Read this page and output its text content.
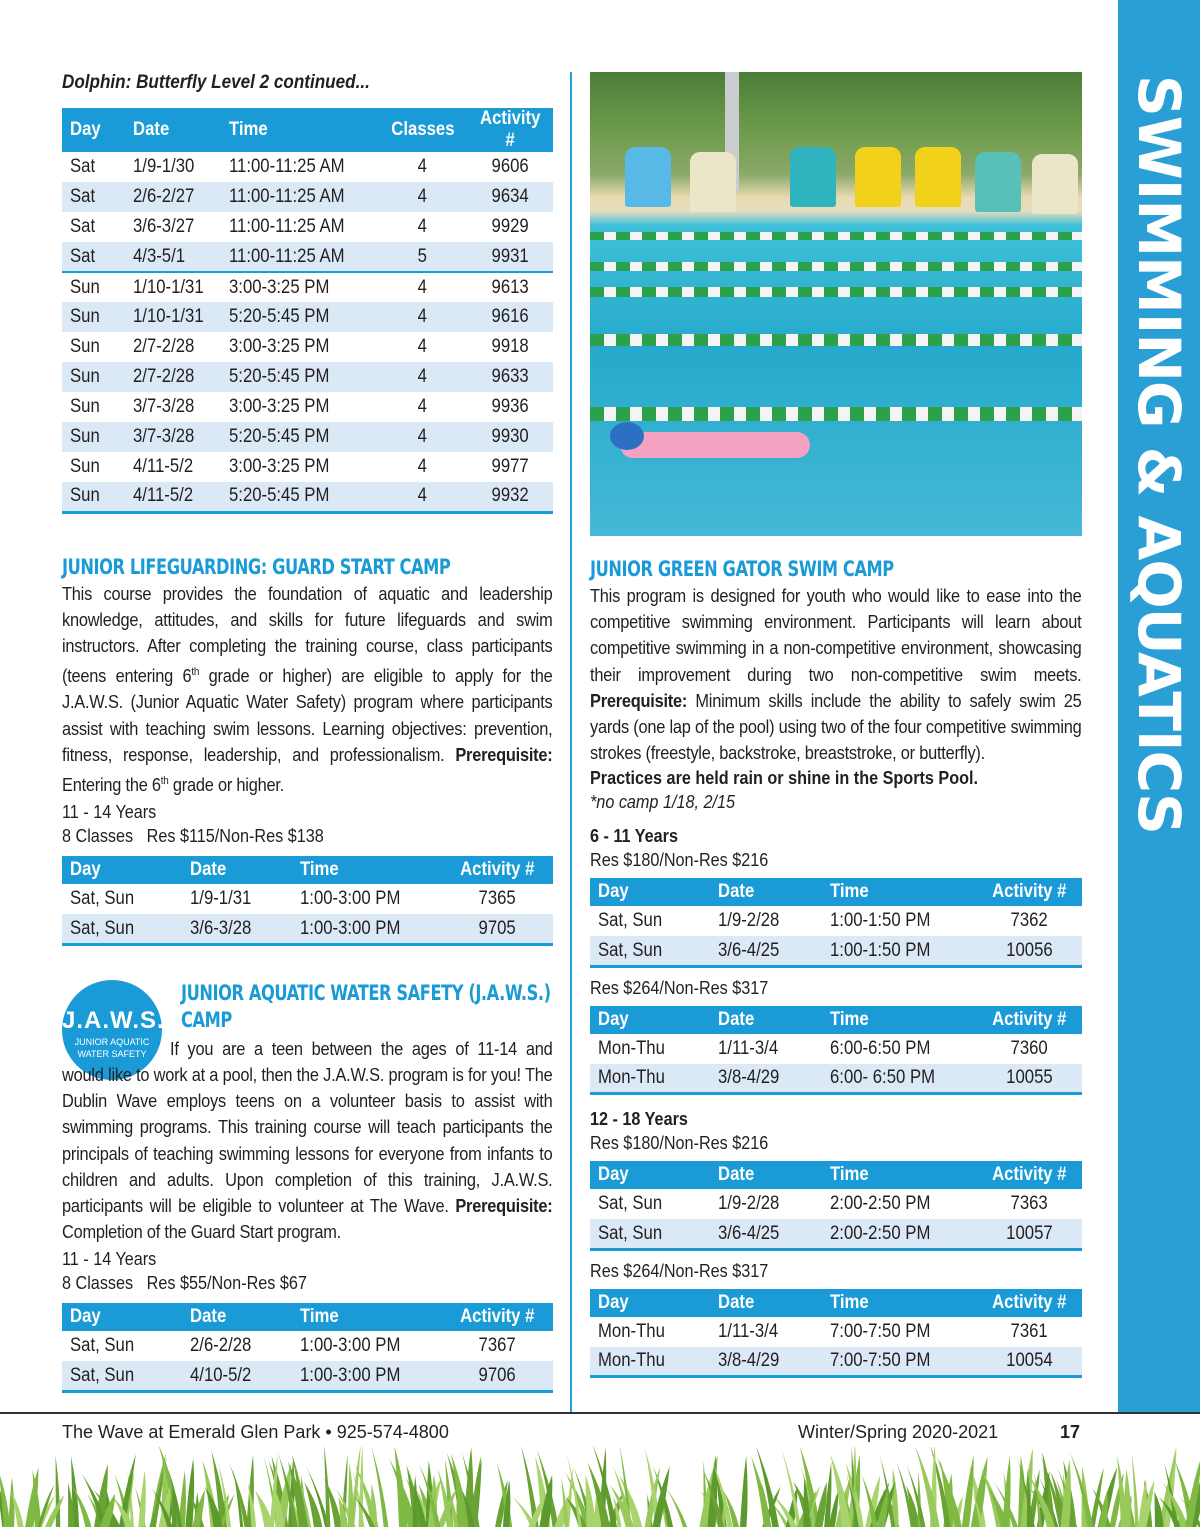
SWIMMING & AQUATICS
Dolphin: Butterfly Level 2 continued...
Day	Date	Time	Classes	Activity #
Sat	1/9-1/30	11:00-11:25 AM	4	9606
Sat	2/6-2/27	11:00-11:25 AM	4	9634
Sat	3/6-3/27	11:00-11:25 AM	4	9929
Sat	4/3-5/1	11:00-11:25 AM	5	9931
Sun	1/10-1/31	3:00-3:25 PM	4	9613
Sun	1/10-1/31	5:20-5:45 PM	4	9616
Sun	2/7-2/28	3:00-3:25 PM	4	9918
Sun	2/7-2/28	5:20-5:45 PM	4	9633
Sun	3/7-3/28	3:00-3:25 PM	4	9936
Sun	3/7-3/28	5:20-5:45 PM	4	9930
Sun	4/11-5/2	3:00-3:25 PM	4	9977
Sun	4/11-5/2	5:20-5:45 PM	4	9932
JUNIOR LIFEGUARDING: GUARD START CAMP

This course provides the foundation of aquatic and leadership knowledge, attitudes, and skills for future lifeguards and swim instructors. After completing the training course, class participants (teens entering 6th grade or higher) are eligible to apply for the J.A.W.S. (Junior Aquatic Water Safety) program where participants assist with teaching swim lessons. Learning objectives: prevention, fitness, response, leadership, and professionalism. Prerequisite: Entering the 6th grade or higher.

11 - 14 Years
8 Classes   Res $115/Non-Res $138
Day	Date	Time	Activity #
Sat, Sun	1/9-1/31	1:00-3:00 PM	7365
Sat, Sun	3/6-3/28	1:00-3:00 PM	9705
J.A.W.S.
JUNIOR AQUATIC
WATER SAFETY
JUNIOR AQUATIC WATER SAFETY (J.A.W.S.)
CAMP

If you are a teen between the ages of 11-14 and would like to work at a pool, then the J.A.W.S. program is for you! The Dublin Wave employs teens on a volunteer basis to assist with swimming programs. This training course will teach participants the principals of teaching swimming lessons for everyone from infants to children and adults. Upon completion of this training, J.A.W.S. participants will be eligible to volunteer at The Wave. Prerequisite: Completion of the Guard Start program.

11 - 14 Years
8 Classes   Res $55/Non-Res $67
Day	Date	Time	Activity #
Sat, Sun	2/6-2/28	1:00-3:00 PM	7367
Sat, Sun	4/10-5/2	1:00-3:00 PM	9706
JUNIOR GREEN GATOR SWIM CAMP

This program is designed for youth who would like to ease into the competitive swimming environment. Participants will learn about competitive swimming in a non-competitive environment, showcasing their improvement during two non-competitive swim meets. Prerequisite: Minimum skills include the ability to safely swim 25 yards (one lap of the pool) using two of the four competitive swimming strokes (freestyle, backstroke, breaststroke, or butterfly).

Practices are held rain or shine in the Sports Pool.
*no camp 1/18, 2/15
6 - 11 Years
Res $180/Non-Res $216
Day	Date	Time	Activity #
Sat, Sun	1/9-2/28	1:00-1:50 PM	7362
Sat, Sun	3/6-4/25	1:00-1:50 PM	10056
Res $264/Non-Res $317
Day	Date	Time	Activity #
Mon-Thu	1/11-3/4	6:00-6:50 PM	7360
Mon-Thu	3/8-4/29	6:00- 6:50 PM	10055
12 - 18 Years
Res $180/Non-Res $216
Day	Date	Time	Activity #
Sat, Sun	1/9-2/28	2:00-2:50 PM	7363
Sat, Sun	3/6-4/25	2:00-2:50 PM	10057
Res $264/Non-Res $317
Day	Date	Time	Activity #
Mon-Thu	1/11-3/4	7:00-7:50 PM	7361
Mon-Thu	3/8-4/29	7:00-7:50 PM	10054
The Wave at Emerald Glen Park • 925-574-4800	Winter/Spring 2020-2021	17
